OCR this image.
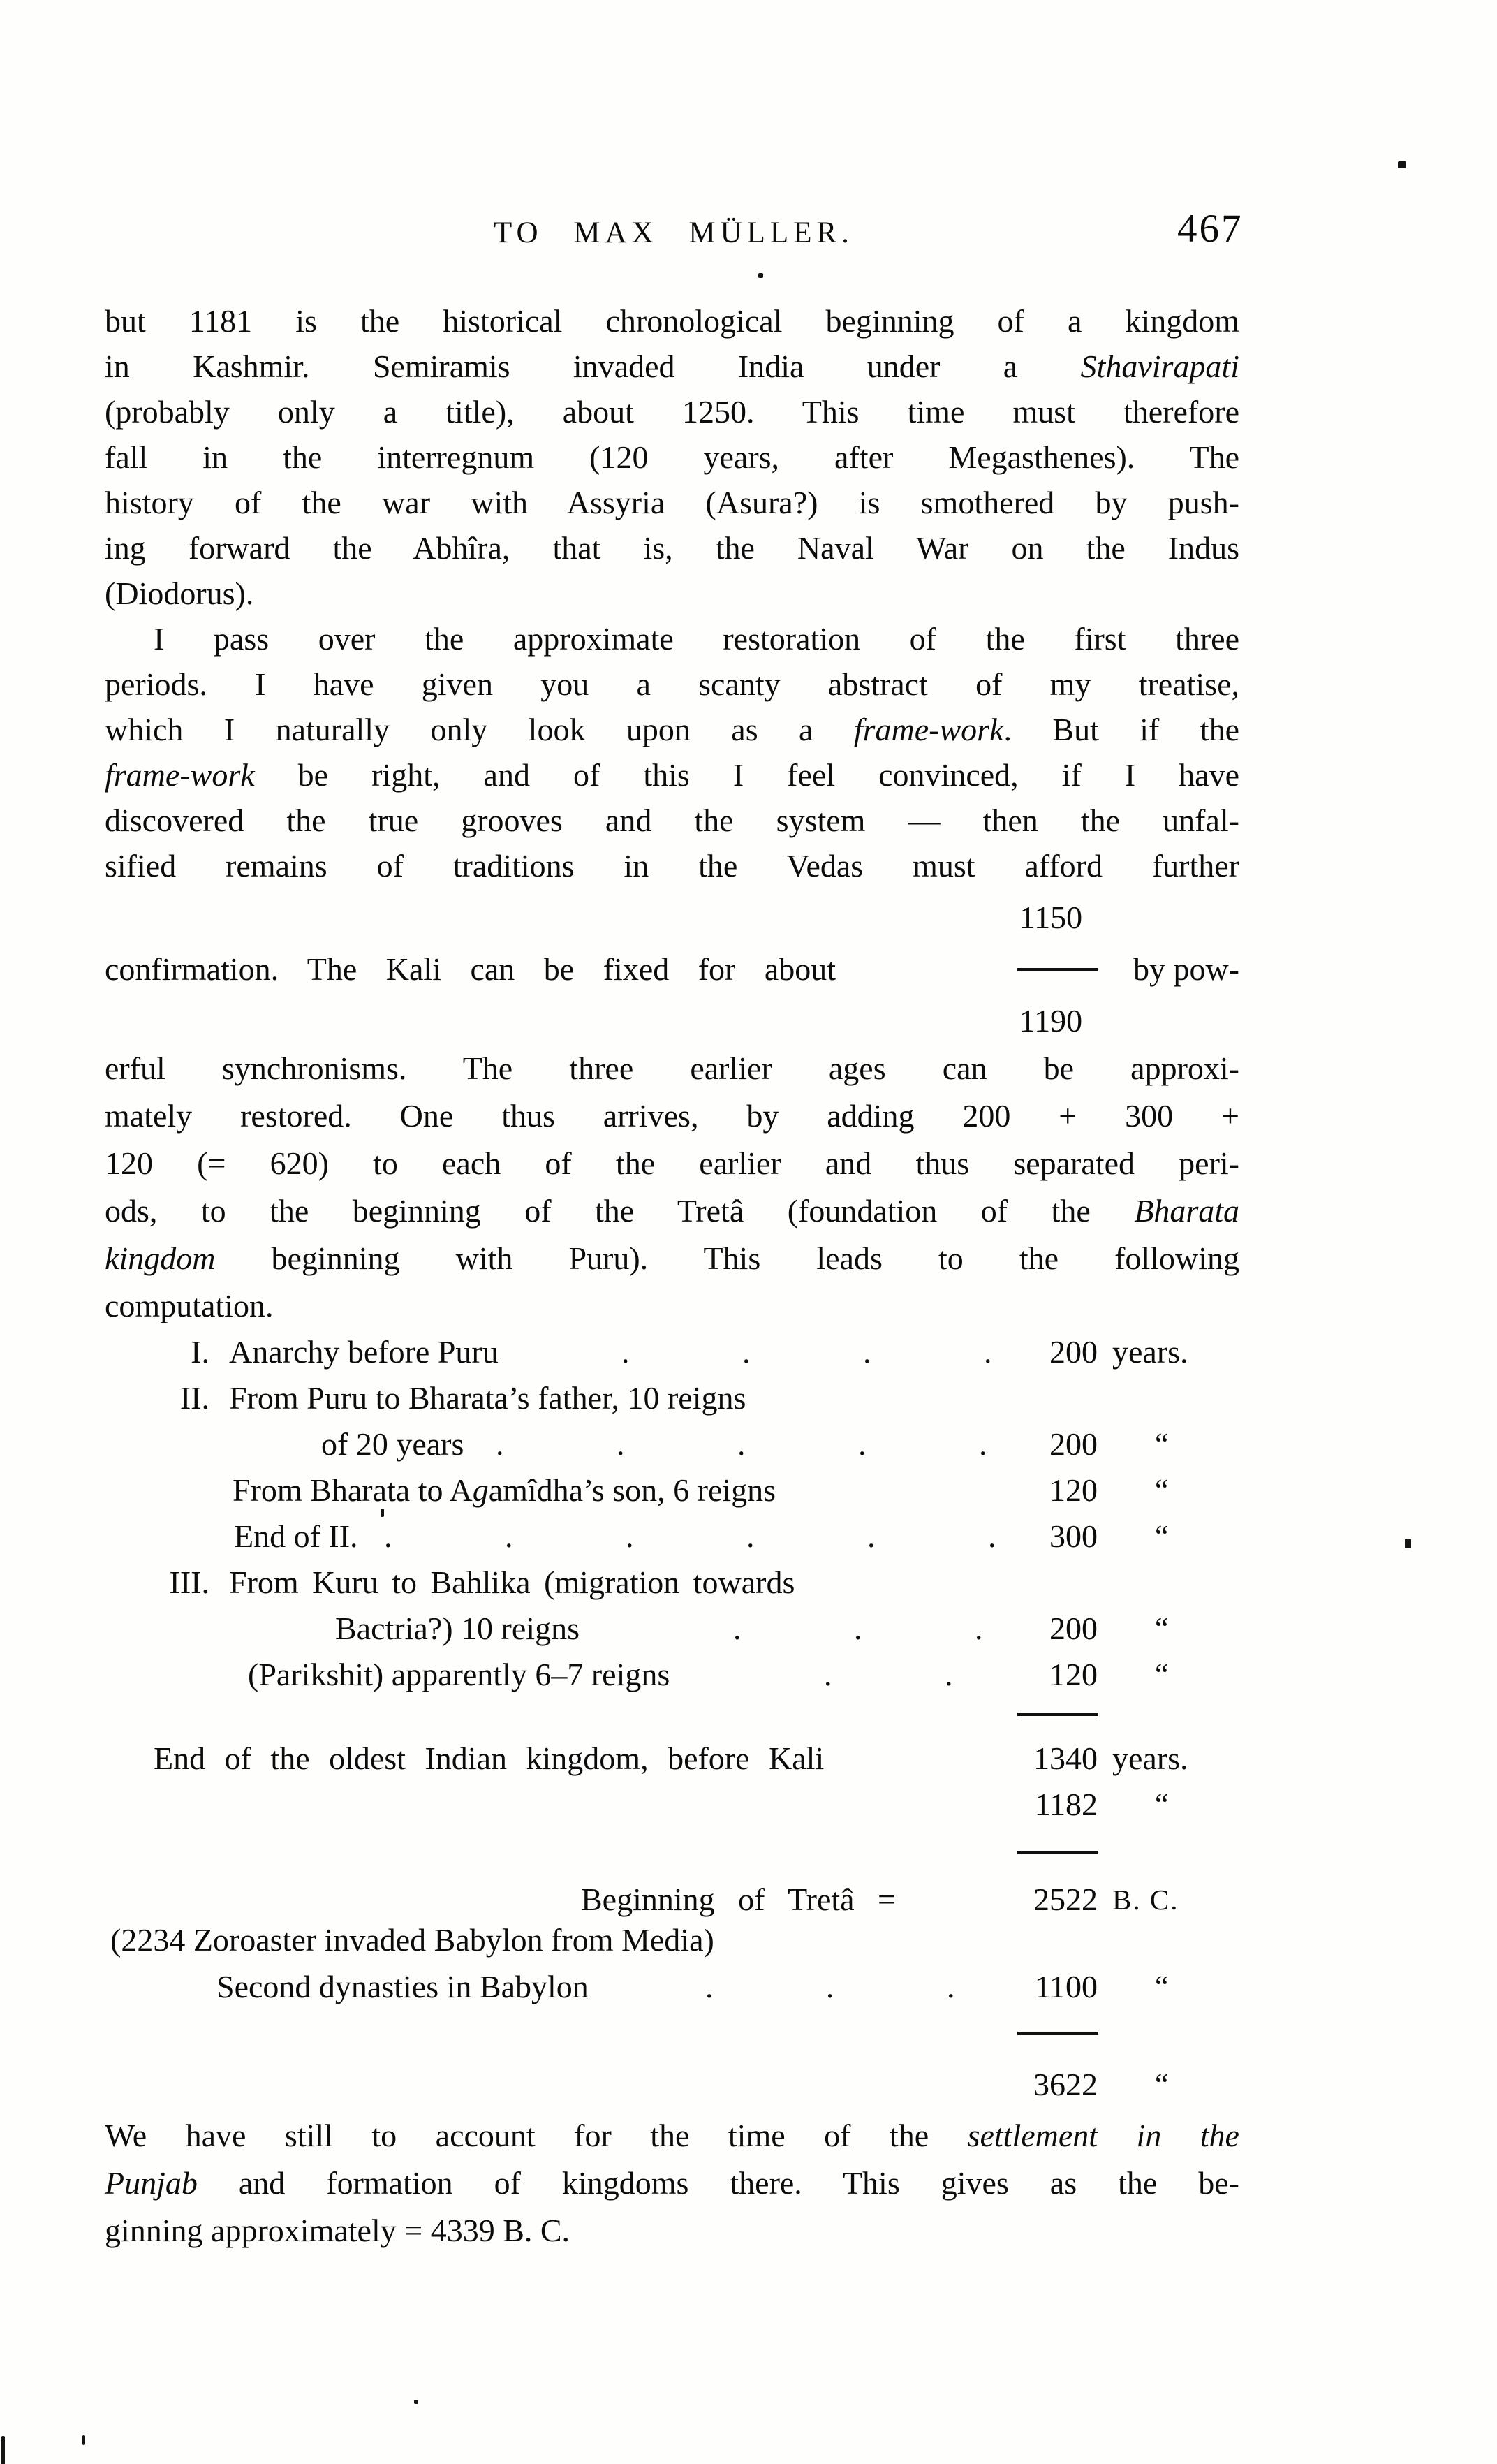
TO MAX MÜLLER.	467
but 1181 is the historical chronological beginning of a kingdom
in Kashmir. Semiramis invaded India under a Sthavirapati
(probably only a title), about 1250. This time must therefore
fall in the interregnum (120 years, after Megasthenes). The
history of the war with Assyria (Asura?) is smothered by push-
ing forward the Abhîra, that is, the Naval War on the Indus
(Diodorus).
I pass over the approximate restoration of the first three
periods. I have given you a scanty abstract of my treatise,
which I naturally only look upon as a frame-work. But if the
frame-work be right, and of this I feel convinced, if I have
discovered the true grooves and the system — then the unfal-
sified remains of traditions in the Vedas must afford further
1150
confirmation. The Kali can be fixed for about	by pow-
1190
erful synchronisms. The three earlier ages can be approxi-
mately restored. One thus arrives, by adding 200 + 300 +
120 (= 620) to each of the earlier and thus separated peri-
ods, to the beginning of the Tretâ (foundation of the Bharata
kingdom beginning with Puru). This leads to the following
computation.
I. Anarchy before Puru	. . . .	200 years.
II. From Puru to Bharata’s father, 10 reigns
of 20 years . . . . .	200 “
From Bharata to Agamîdha’s son, 6 reigns	120 “
End of II. . . . . . .	300 “
III. From Kuru to Bahlika (migration towards
Bactria?) 10 reigns	. . .	200 “
(Parikshit) apparently 6–7 reigns	. .	120 “
End of the oldest Indian kingdom, before Kali	1340 years.
1182 “
Beginning of Tretâ =	2522 B. C.
(2234 Zoroaster invaded Babylon from Media)
Second dynasties in Babylon	. . .	1100 “
3622 “
We have still to account for the time of the settlement in the
Punjab and formation of kingdoms there. This gives as the be-
ginning approximately = 4339 B. C.
